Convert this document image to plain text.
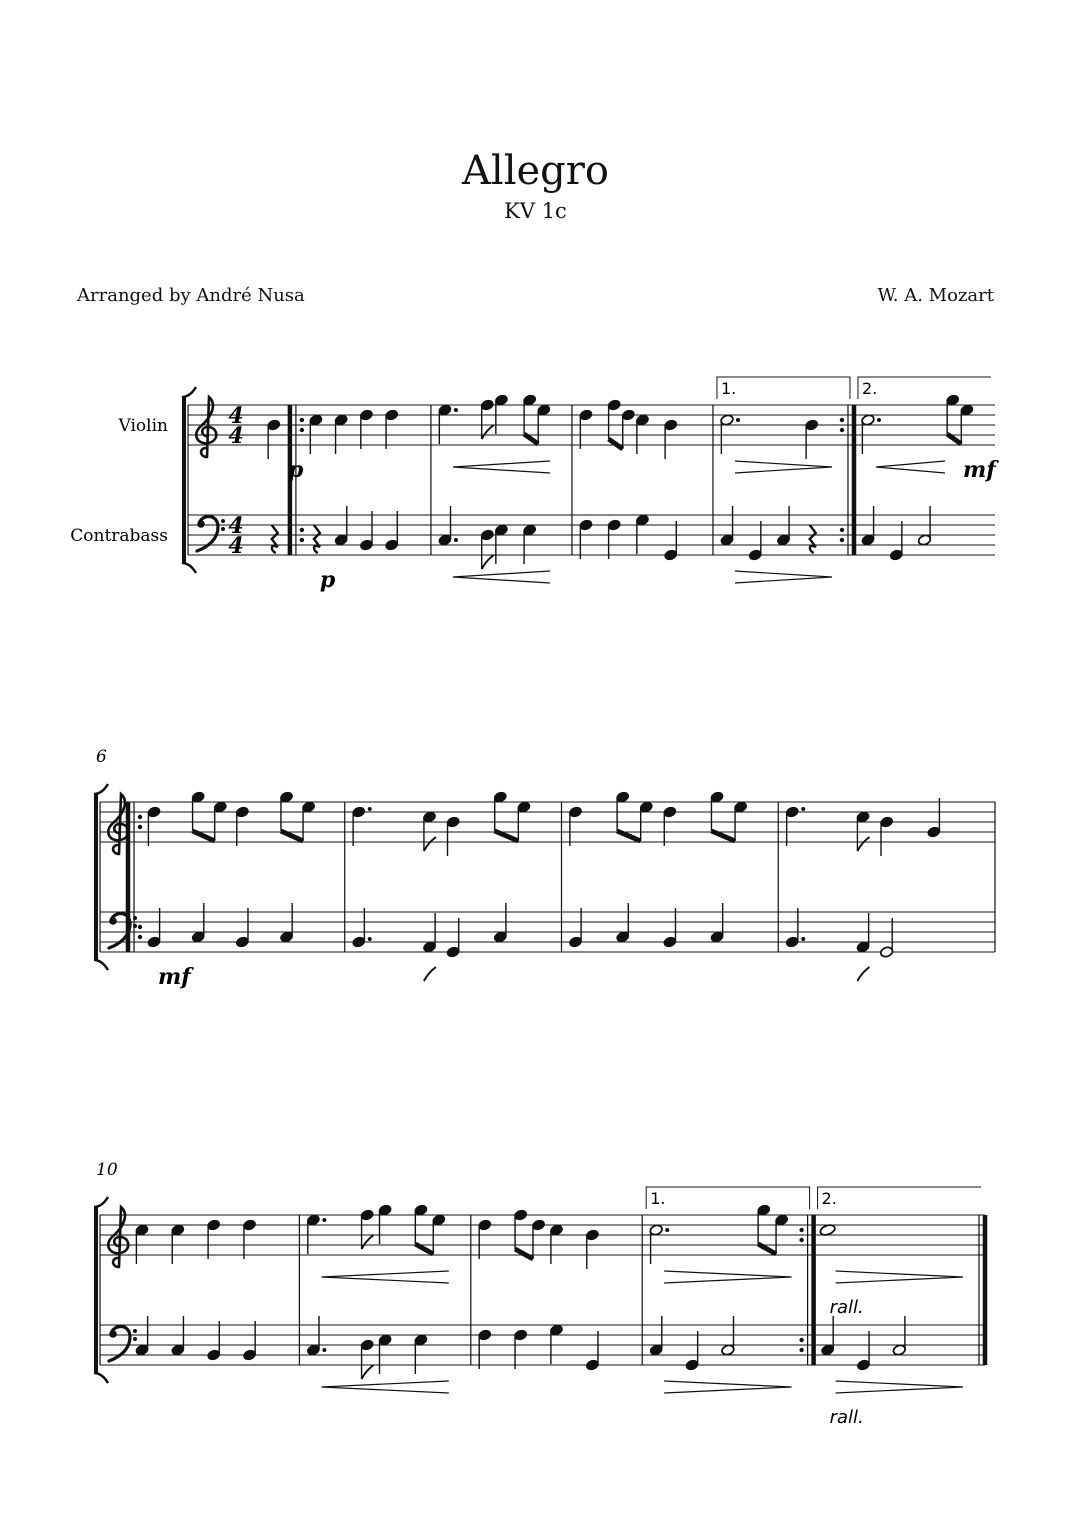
Allegro
KV 1c
Arranged by André Nusa	W. A. Mozart
Violin
Contrabass
4
4
4
4
1.	2.
p
p
mf
6
mf
10
1.	2.
rall.
rall.
